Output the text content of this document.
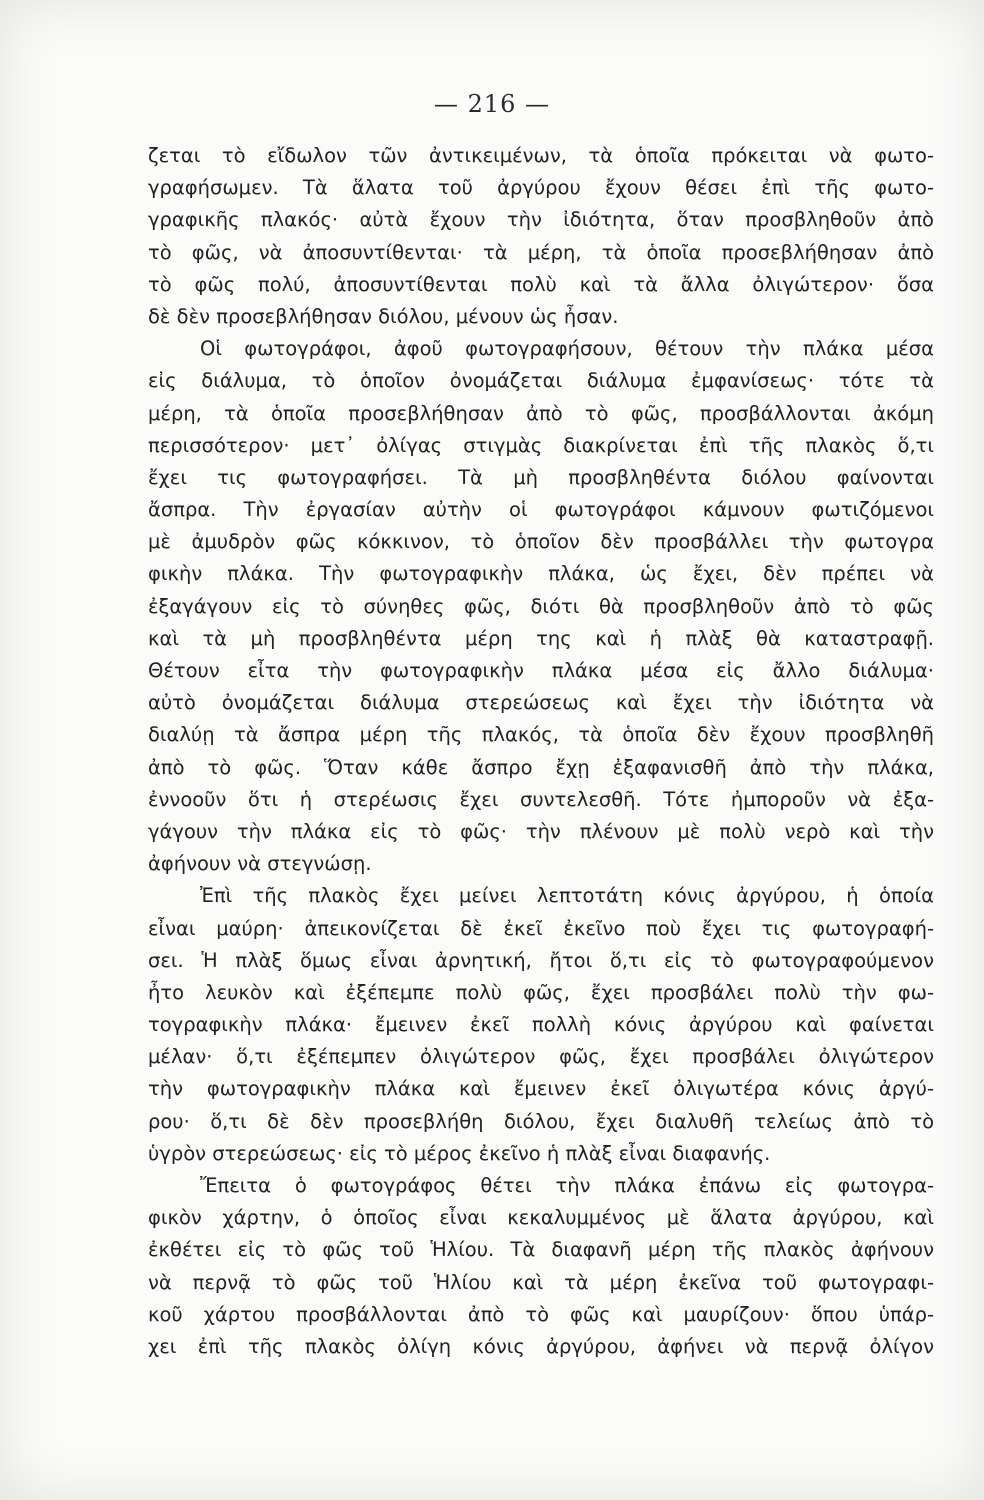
— 216 —
ζεται τὸ εἴδωλον τῶν ἀντικειμένων, τὰ ὁποῖα πρόκειται νὰ φωτο-
γραφήσωμεν. Τὰ ἅλατα τοῦ ἀργύρου ἔχουν θέσει ἐπὶ τῆς φωτο-
γραφικῆς πλακός· αὐτὰ ἔχουν τὴν ἰδιότητα, ὅταν προσβληθοῦν ἀπὸ
τὸ φῶς, νὰ ἀποσυντίθενται· τὰ μέρη, τὰ ὁποῖα προσεβλήθησαν ἀπὸ
τὸ φῶς πολύ, ἀποσυντίθενται πολὺ καὶ τὰ ἄλλα ὀλιγώτερον· ὅσα
δὲ δὲν προσεβλήθησαν διόλου, μένουν ὡς ἦσαν.
Οἱ φωτογράφοι, ἀφοῦ φωτογραφήσουν, θέτουν τὴν πλάκα μέσα
εἰς διάλυμα, τὸ ὁποῖον ὀνομάζεται διάλυμα ἐμφανίσεως· τότε τὰ
μέρη, τὰ ὁποῖα προσεβλήθησαν ἀπὸ τὸ φῶς, προσβάλλονται ἀκόμη
περισσότερον· μετ᾽ ὀλίγας στιγμὰς διακρίνεται ἐπὶ τῆς πλακὸς ὅ,τι
ἔχει τις φωτογραφήσει. Τὰ μὴ προσβληθέντα διόλου φαίνονται
ἄσπρα. Τὴν ἐργασίαν αὐτὴν οἱ φωτογράφοι κάμνουν φωτιζόμενοι
μὲ ἀμυδρὸν φῶς κόκκινον, τὸ ὁποῖον δὲν προσβάλλει τὴν φωτογρα
φικὴν πλάκα. Τὴν φωτογραφικὴν πλάκα, ὡς ἔχει, δὲν πρέπει νὰ
ἐξαγάγουν εἰς τὸ σύνηθες φῶς, διότι θὰ προσβληθοῦν ἀπὸ τὸ φῶς
καὶ τὰ μὴ προσβληθέντα μέρη της καὶ ἡ πλὰξ θὰ καταστραφῇ.
Θέτουν εἶτα τὴν φωτογραφικὴν πλάκα μέσα εἰς ἄλλο διάλυμα·
αὐτὸ ὀνομάζεται διάλυμα στερεώσεως καὶ ἔχει τὴν ἰδιότητα νὰ
διαλύῃ τὰ ἄσπρα μέρη τῆς πλακός, τὰ ὁποῖα δὲν ἔχουν προσβληθῆ
ἀπὸ τὸ φῶς. Ὅταν κάθε ἄσπρο ἔχῃ ἐξαφανισθῆ ἀπὸ τὴν πλάκα,
ἐννοοῦν ὅτι ἡ στερέωσις ἔχει συντελεσθῆ. Τότε ἠμποροῦν νὰ ἐξα-
γάγουν τὴν πλάκα εἰς τὸ φῶς· τὴν πλένουν μὲ πολὺ νερὸ καὶ τὴν
ἀφήνουν νὰ στεγνώσῃ.
Ἐπὶ τῆς πλακὸς ἔχει μείνει λεπτοτάτη κόνις ἀργύρου, ἡ ὁποία
εἶναι μαύρη· ἀπεικονίζεται δὲ ἐκεῖ ἐκεῖνο ποὺ ἔχει τις φωτογραφή-
σει. Ἡ πλὰξ ὅμως εἶναι ἀρνητική, ἤτοι ὅ,τι εἰς τὸ φωτογραφούμενον
ἦτο λευκὸν καὶ ἐξέπεμπε πολὺ φῶς, ἔχει προσβάλει πολὺ τὴν φω-
τογραφικὴν πλάκα· ἔμεινεν ἐκεῖ πολλὴ κόνις ἀργύρου καὶ φαίνεται
μέλαν· ὅ,τι ἐξέπεμπεν ὀλιγώτερον φῶς, ἔχει προσβάλει ὀλιγώτερον
τὴν φωτογραφικὴν πλάκα καὶ ἔμεινεν ἐκεῖ ὀλιγωτέρα κόνις ἀργύ-
ρου· ὅ,τι δὲ δὲν προσεβλήθη διόλου, ἔχει διαλυθῆ τελείως ἀπὸ τὸ
ὑγρὸν στερεώσεως· εἰς τὸ μέρος ἐκεῖνο ἡ πλὰξ εἶναι διαφανής.
Ἔπειτα ὁ φωτογράφος θέτει τὴν πλάκα ἐπάνω εἰς φωτογρα-
φικὸν χάρτην, ὁ ὁποῖος εἶναι κεκαλυμμένος μὲ ἅλατα ἀργύρου, καὶ
ἐκθέτει εἰς τὸ φῶς τοῦ Ἡλίου. Τὰ διαφανῆ μέρη τῆς πλακὸς ἀφήνουν
νὰ περνᾷ τὸ φῶς τοῦ Ἡλίου καὶ τὰ μέρη ἐκεῖνα τοῦ φωτογραφι-
κοῦ χάρτου προσβάλλονται ἀπὸ τὸ φῶς καὶ μαυρίζουν· ὅπου ὑπάρ-
χει ἐπὶ τῆς πλακὸς ὀλίγη κόνις ἀργύρου, ἀφήνει νὰ περνᾷ ὀλίγον
